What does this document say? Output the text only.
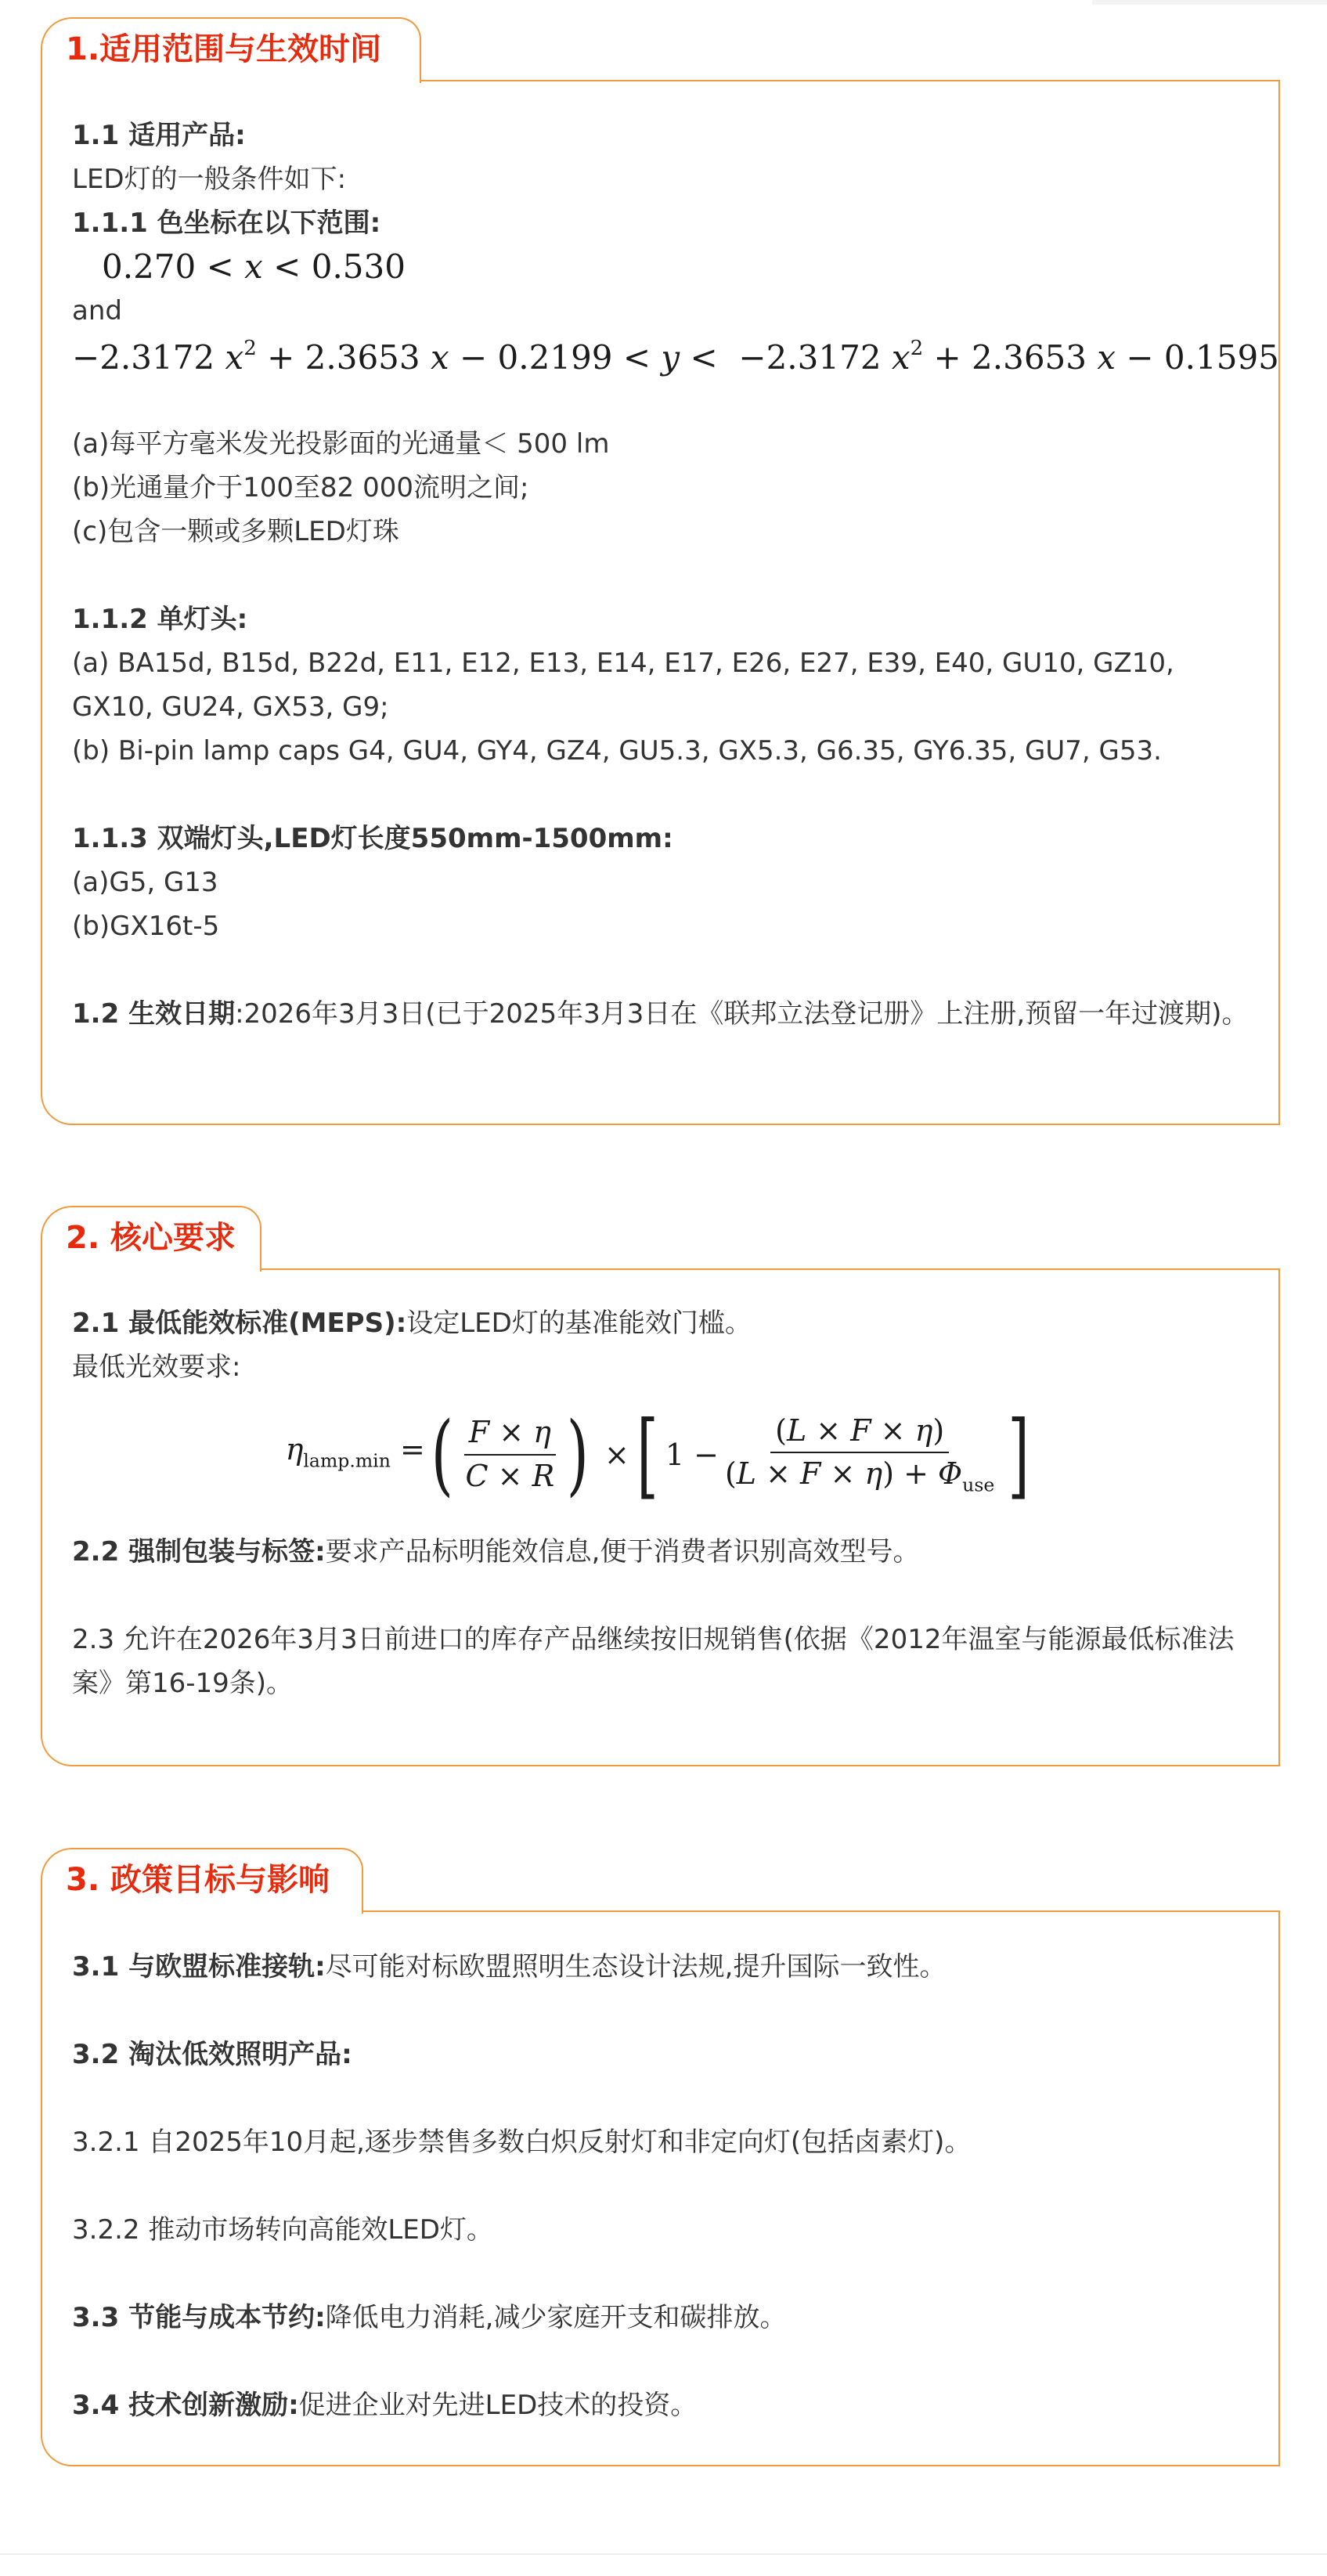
1.适用范围与生效时间

1.1 适用产品:

LED灯的一般条件如下:

1.1.1 色坐标在以下范围:

0.270 < x < 0.530

and

−2.3172 $x^2 + 2.3653$ x − 0.2199 < y <  −2.3172 $x^2 + 2.3653$ x − 0.1595

(a)每平方毫米发光投影面的光通量＜ 500 lm

(b)光通量介于100至82 000流明之间;

(c)包含一颗或多颗LED灯珠

1.1.2 单灯头:

(a) BA15d, B15d, B22d, E11, E12, E13, E14, E17, E26, E27, E39, E40, GU10, GZ10,

GX10, GU24, GX53, G9;

(b) Bi-pin lamp caps G4, GU4, GY4, GZ4, GU5.3, GX5.3, G6.35, GY6.35, GU7, G53.

1.1.3 双端灯头,LED灯长度550mm-1500mm:

(a)G5, G13

(b)GX16t-5

1.2 生效日期:2026年3月3日(已于2025年3月3日在《联邦立法登记册》上注册,预留一年过渡期)。

2. 核心要求

2.1 最低能效标准(MEPS):设定LED灯的基准能效门槛。

最低光效要求:

$\eta_{lamp.min}$ = ( $\frac{F \times \eta}{C \times R}$ ) × [ $1 - \frac{(L \times F \times \eta)}{(L \times F \times \eta) + \Phi_{use}}$ ]

2.2 强制包装与标签:要求产品标明能效信息,便于消费者识别高效型号。

2.3 允许在2026年3月3日前进口的库存产品继续按旧规销售(依据《2012年温室与能源最低标准法案》第16-19条)。

3. 政策目标与影响

3.1 与欧盟标准接轨:尽可能对标欧盟照明生态设计法规,提升国际一致性。

3.2 淘汰低效照明产品:

3.2.1 自2025年10月起,逐步禁售多数白炽反射灯和非定向灯(包括卤素灯)。

3.2.2 推动市场转向高能效LED灯。

3.3 节能与成本节约:降低电力消耗,减少家庭开支和碳排放。

3.4 技术创新激励:促进企业对先进LED技术的投资。
